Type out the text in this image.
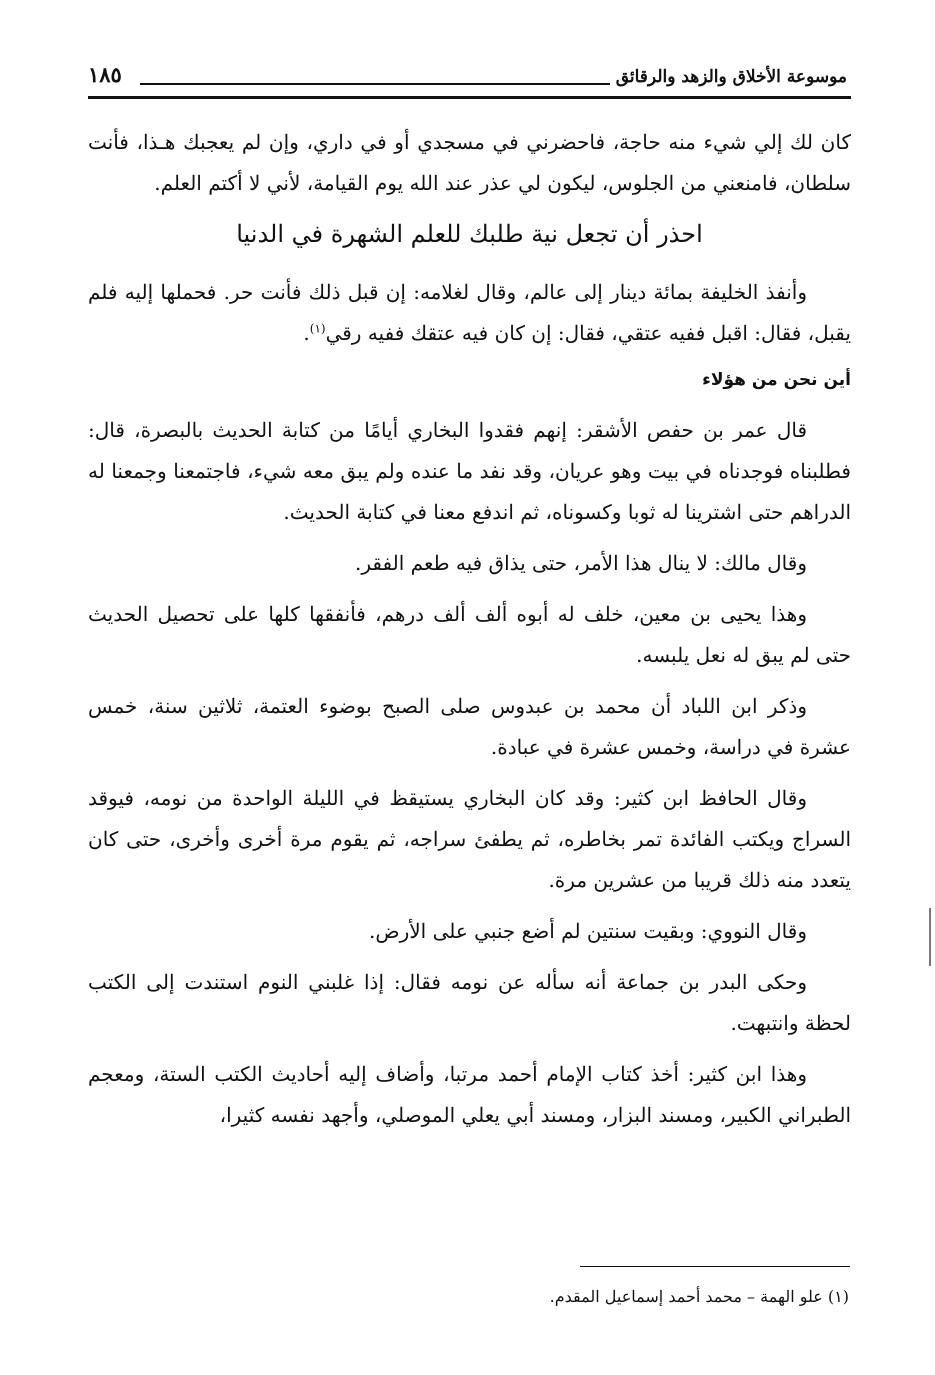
موسوعة الأخلاق والزهد والرقائق
١٨٥

كان لك إلي شيء منه حاجة، فاحضرني في مسجدي أو في داري، وإن لم يعجبك هـذا، فأنت سلطان، فامنعني من الجلوس، ليكون لي عذر عند الله يوم القيامة، لأني لا أكتم العلم.

احذر أن تجعل نية طلبك للعلم الشهرة في الدنيا

وأنفذ الخليفة بمائة دينار إلى عالم، وقال لغلامه: إن قبل ذلك فأنت حر. فحملها إليه فلم يقبل، فقال: اقبل ففيه عتقي، فقال: إن كان فيه عتقك ففيه رقي$^{(١)}$.

أين نحن من هؤلاء

قال عمر بن حفص الأشقر: إنهم فقدوا البخاري أيامًا من كتابة الحديث بالبصرة، قال: فطلبناه فوجدناه في بيت وهو عريان، وقد نفد ما عنده ولم يبق معه شيء، فاجتمعنا وجمعنا له الدراهم حتى اشترينا له ثوبا وكسوناه، ثم اندفع معنا في كتابة الحديث.

وقال مالك: لا ينال هذا الأمر، حتى يذاق فيه طعم الفقر.

وهذا يحيى بن معين، خلف له أبوه ألف ألف درهم، فأنفقها كلها على تحصيل الحديث حتى لم يبق له نعل يلبسه.

وذكر ابن اللباد أن محمد بن عبدوس صلى الصبح بوضوء العتمة، ثلاثين سنة، خمس عشرة في دراسة، وخمس عشرة في عبادة.

وقال الحافظ ابن كثير: وقد كان البخاري يستيقظ في الليلة الواحدة من نومه، فيوقد السراج ويكتب الفائدة تمر بخاطره، ثم يطفئ سراجه، ثم يقوم مرة أخرى وأخرى، حتى كان يتعدد منه ذلك قريبا من عشرين مرة.

وقال النووي: وبقيت سنتين لم أضع جنبي على الأرض.

وحكى البدر بن جماعة أنه سأله عن نومه فقال: إذا غلبني النوم استندت إلى الكتب لحظة وانتبهت.

وهذا ابن كثير: أخذ كتاب الإمام أحمد مرتبا، وأضاف إليه أحاديث الكتب الستة، ومعجم الطبراني الكبير، ومسند البزار، ومسند أبي يعلي الموصلي، وأجهد نفسه كثيرا،

(١) علو الهمة – محمد أحمد إسماعيل المقدم.
